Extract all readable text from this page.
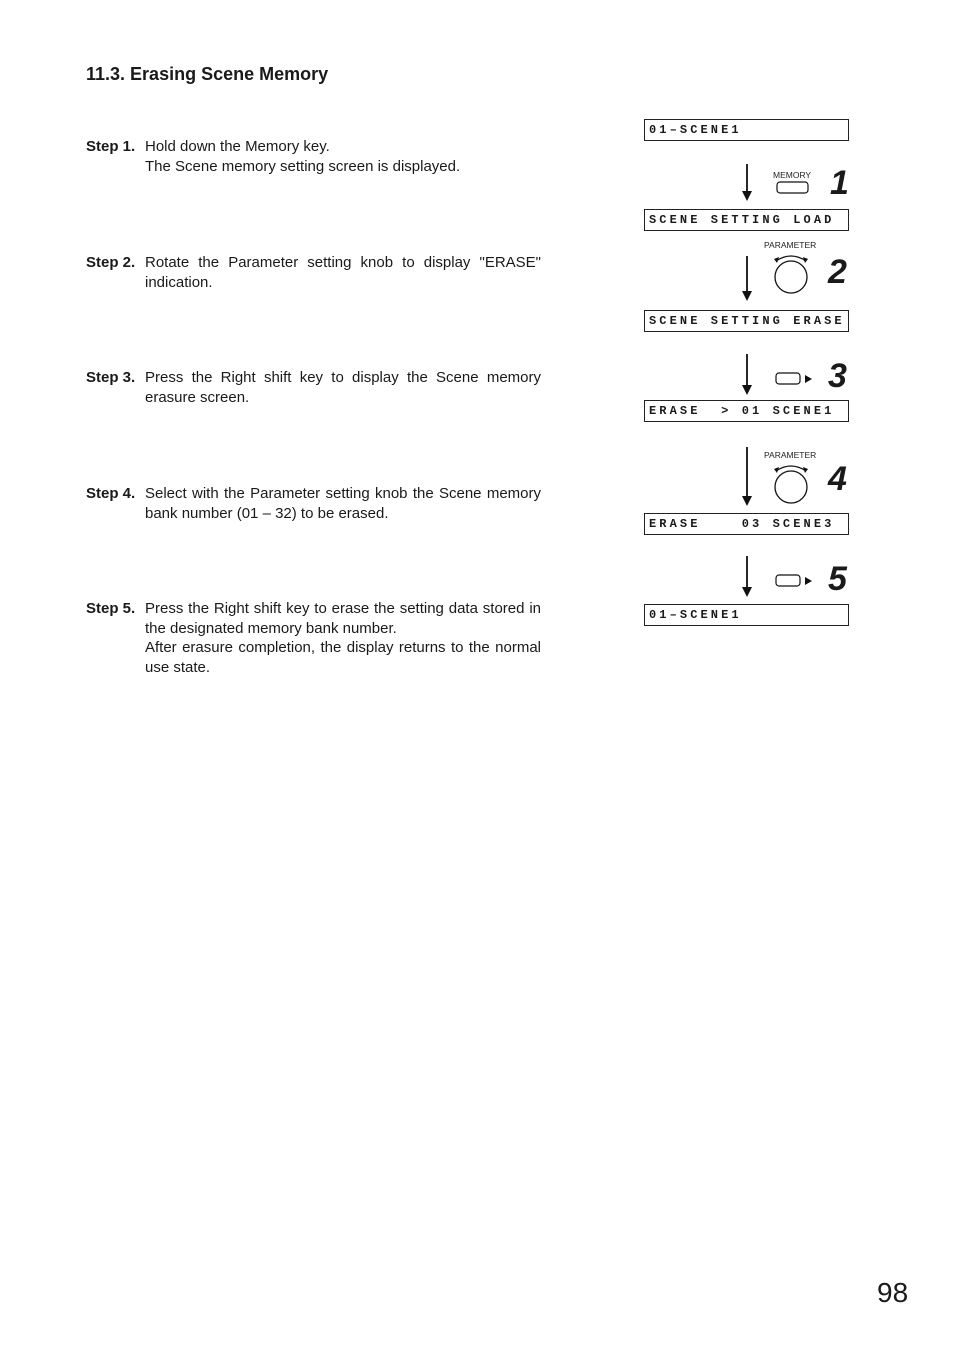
11.3. Erasing Scene Memory
Step 1. Hold down the Memory key.

The Scene memory setting screen is displayed.

Step 2. Rotate the Parameter setting knob to display "ERASE" indication.

Step 3. Press the Right shift key to display the Scene memory erasure screen.

Step 4. Select with the Parameter setting knob the Scene memory bank number (01 – 32) to be erased.

Step 5. Press the Right shift key to erase the setting data stored in the designated memory bank number.

After erasure completion, the display returns to the normal use state.

01–SCENE1
SCENE SETTING LOAD
SCENE SETTING ERASE
ERASE  > 01 SCENE1
ERASE    03 SCENE3
01–SCENE1
MEMORY 1
PARAMETER
2
3
PARAMETER
4
5
98
